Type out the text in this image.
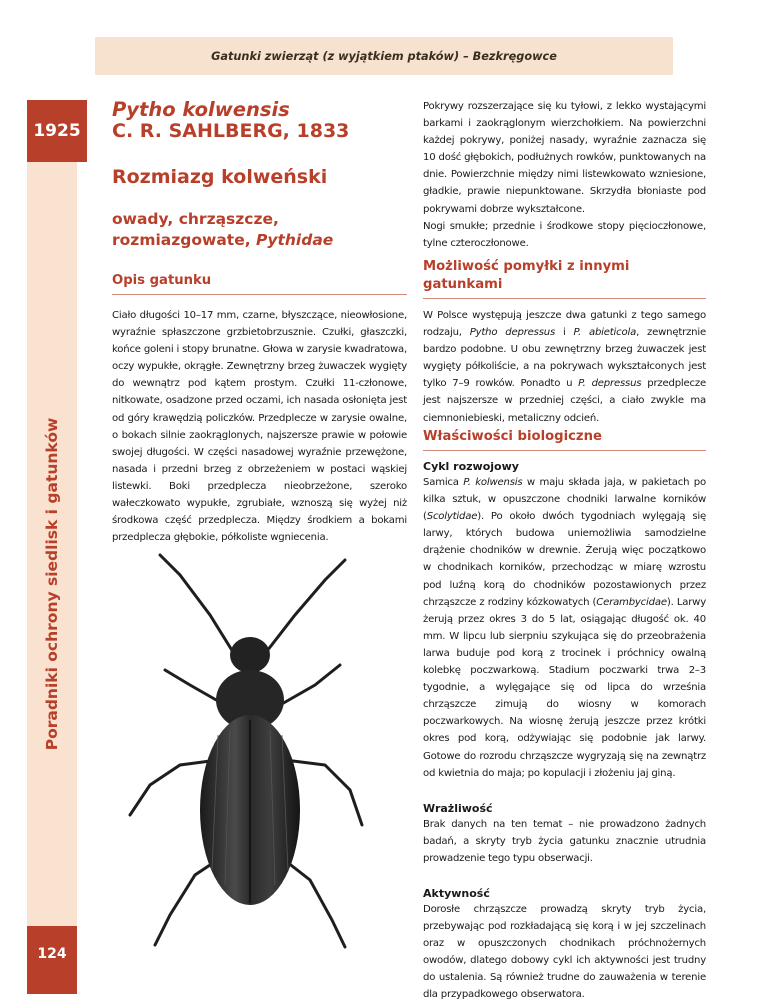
Gatunki zwierząt (z wyjątkiem ptaków) – Bezkręgowce
1925
Poradniki ochrony siedlisk i gatunków
124
Pytho kolwensis
C. R. SAHLBERG, 1833
Rozmiazg kolweński
owady, chrząszcze,
rozmiazgowate, Pythidae
Opis gatunku

Ciało długości 10–17 mm, czarne, błyszczące, nieowłosione, wyraźnie spłaszczone grzbietobrzusznie. Czułki, głaszczki, końce goleni i stopy brunatne. Głowa w zarysie kwadratowa, oczy wypukłe, okrągłe. Zewnętrzny brzeg żuwaczek wygięty do wewnątrz pod kątem prostym. Czułki 11-członowe, nitkowate, osadzone przed oczami, ich nasada osłonięta jest od góry krawędzią policzków. Przedplecze w zarysie owalne, o bokach silnie zaokrąglonych, najszersze prawie w połowie swojej długości. W części nasadowej wyraźnie przewężone, nasada i przedni brzeg z obrzeżeniem w postaci wąskiej listewki. Boki przedplecza nieobrzeżone, szeroko wałeczkowato wypukłe, zgrubiałe, wznoszą się wyżej niż środkowa część przedplecza. Między środkiem a bokami przedplecza głębokie, półkoliste wgniecenia.

Pokrywy rozszerzające się ku tyłowi, z lekko wystającymi barkami i zaokrąglonym wierzchołkiem. Na powierzchni każdej pokrywy, poniżej nasady, wyraźnie zaznacza się 10 dość głębokich, podłużnych rowków, punktowanych na dnie. Powierzchnie między nimi listewkowato wzniesione, gładkie, prawie niepunktowane. Skrzydła błoniaste pod pokrywami dobrze wykształcone.

Nogi smukłe; przednie i środkowe stopy pięcioczłonowe, tylne czteroczłonowe.

Możliwość pomyłki z innymi gatunkami

W Polsce występują jeszcze dwa gatunki z tego samego rodzaju, Pytho depressus i P. abieticola, zewnętrznie bardzo podobne. U obu zewnętrzny brzeg żuwaczek jest wygięty półkoliście, a na pokrywach wykształconych jest tylko 7–9 rowków. Ponadto u P. depressus przedplecze jest najszersze w przedniej części, a ciało zwykle ma ciemnoniebieski, metaliczny odcień.

Właściwości biologiczne
Cykl rozwojowy

Samica P. kolwensis w maju składa jaja, w pakietach po kilka sztuk, w opuszczone chodniki larwalne korników (Scolytidae). Po około dwóch tygodniach wylęgają się larwy, których budowa uniemożliwia samodzielne drążenie chodników w drewnie. Żerują więc początkowo w chodnikach korników, przechodząc w miarę wzrostu pod luźną korą do chodników pozostawionych przez chrząszcze z rodziny kózkowatych (Cerambycidae). Larwy żerują przez okres 3 do 5 lat, osiągając długość ok. 40 mm. W lipcu lub sierpniu szykująca się do przeobrażenia larwa buduje pod korą z trocinek i próchnicy owalną kolebkę poczwarkową. Stadium poczwarki trwa 2–3 tygodnie, a wylęgające się od lipca do września chrząszcze zimują do wiosny w komorach poczwarkowych. Na wiosnę żerują jeszcze przez krótki okres pod korą, odżywiając się podobnie jak larwy. Gotowe do rozrodu chrząszcze wygryzają się na zewnątrz od kwietnia do maja; po kopulacji i złożeniu jaj giną.

Wrażliwość

Brak danych na ten temat – nie prowadzono żadnych badań, a skryty tryb życia gatunku znacznie utrudnia prowadzenie tego typu obserwacji.

Aktywność

Dorosłe chrząszcze prowadzą skryty tryb życia, przebywając pod rozkładającą się korą i w jej szczelinach oraz w opuszczonych chodnikach próchnożernych owodów, dlatego dobowy cykl ich aktywności jest trudny do ustalenia. Są również trudne do zauważenia w terenie dla przypadkowego obserwatora.
